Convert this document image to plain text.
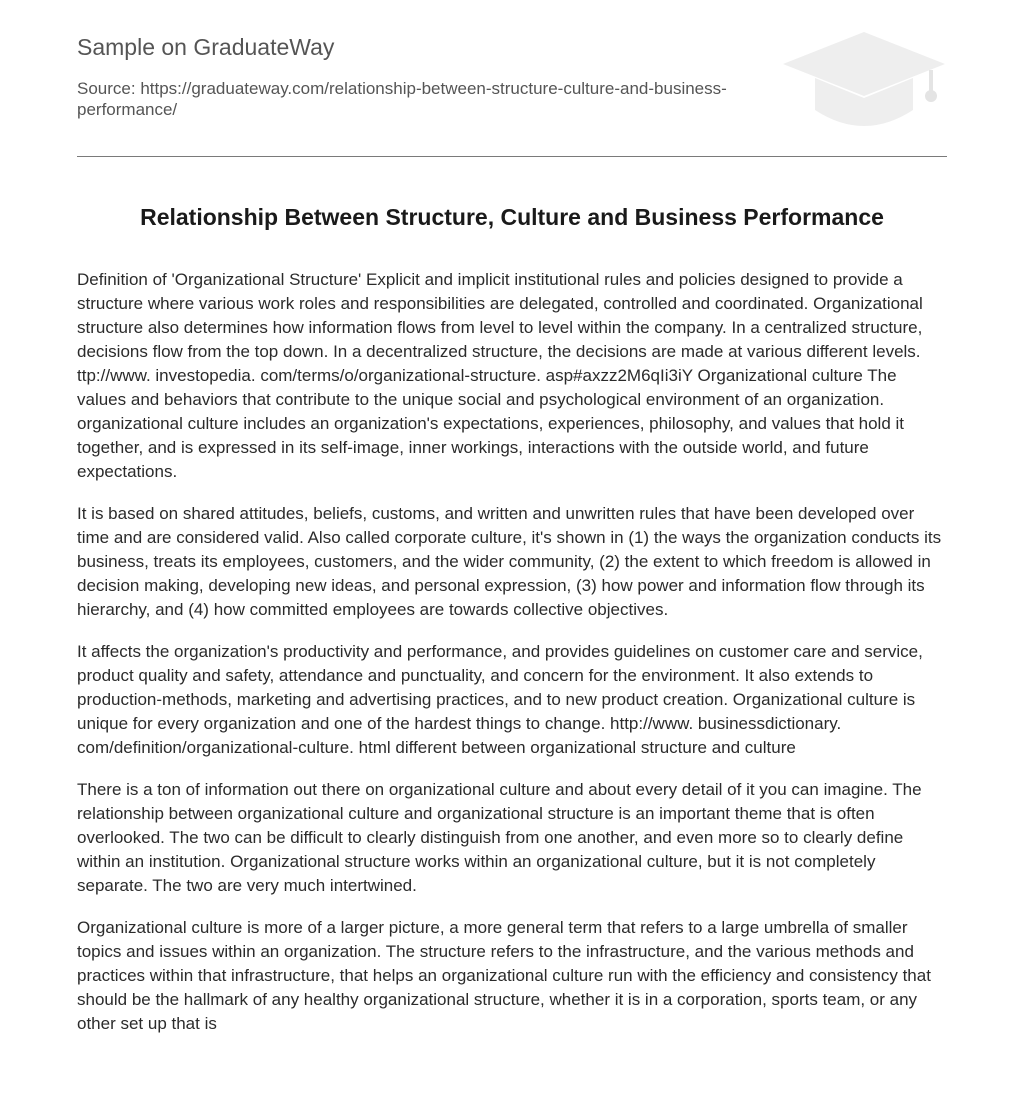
Sample on GraduateWay
Source: https://graduateway.com/relationship-between-structure-culture-and-business-performance/
Relationship Between Structure, Culture and Business Performance

Definition of 'Organizational Structure' Explicit and implicit institutional rules and policies designed to provide a structure where various work roles and responsibilities are delegated, controlled and coordinated. Organizational structure also determines how information flows from level to level within the company. In a centralized structure, decisions flow from the top down. In a decentralized structure, the decisions are made at various different levels. ttp://www. investopedia. com/terms/o/organizational-structure. asp#axzz2M6qIi3iY Organizational culture The values and behaviors that contribute to the unique social and psychological environment of an organization. organizational culture includes an organization's expectations, experiences, philosophy, and values that hold it together, and is expressed in its self-image, inner workings, interactions with the outside world, and future expectations.

It is based on shared attitudes, beliefs, customs, and written and unwritten rules that have been developed over time and are considered valid. Also called corporate culture, it's shown in (1) the ways the organization conducts its business, treats its employees, customers, and the wider community, (2) the extent to which freedom is allowed in decision making, developing new ideas, and personal expression, (3) how power and information flow through its hierarchy, and (4) how committed employees are towards collective objectives.

It affects the organization's productivity and performance, and provides guidelines on customer care and service, product quality and safety, attendance and punctuality, and concern for the environment. It also extends to production-methods, marketing and advertising practices, and to new product creation. Organizational culture is unique for every organization and one of the hardest things to change. http://www. businessdictionary. com/definition/organizational-culture. html different between organizational structure and culture

There is a ton of information out there on organizational culture and about every detail of it you can imagine. The relationship between organizational culture and organizational structure is an important theme that is often overlooked. The two can be difficult to clearly distinguish from one another, and even more so to clearly define within an institution. Organizational structure works within an organizational culture, but it is not completely separate. The two are very much intertwined.

Organizational culture is more of a larger picture, a more general term that refers to a large umbrella of smaller topics and issues within an organization. The structure refers to the infrastructure, and the various methods and practices within that infrastructure, that helps an organizational culture run with the efficiency and consistency that should be the hallmark of any healthy organizational structure, whether it is in a corporation, sports team, or any other set up that is
